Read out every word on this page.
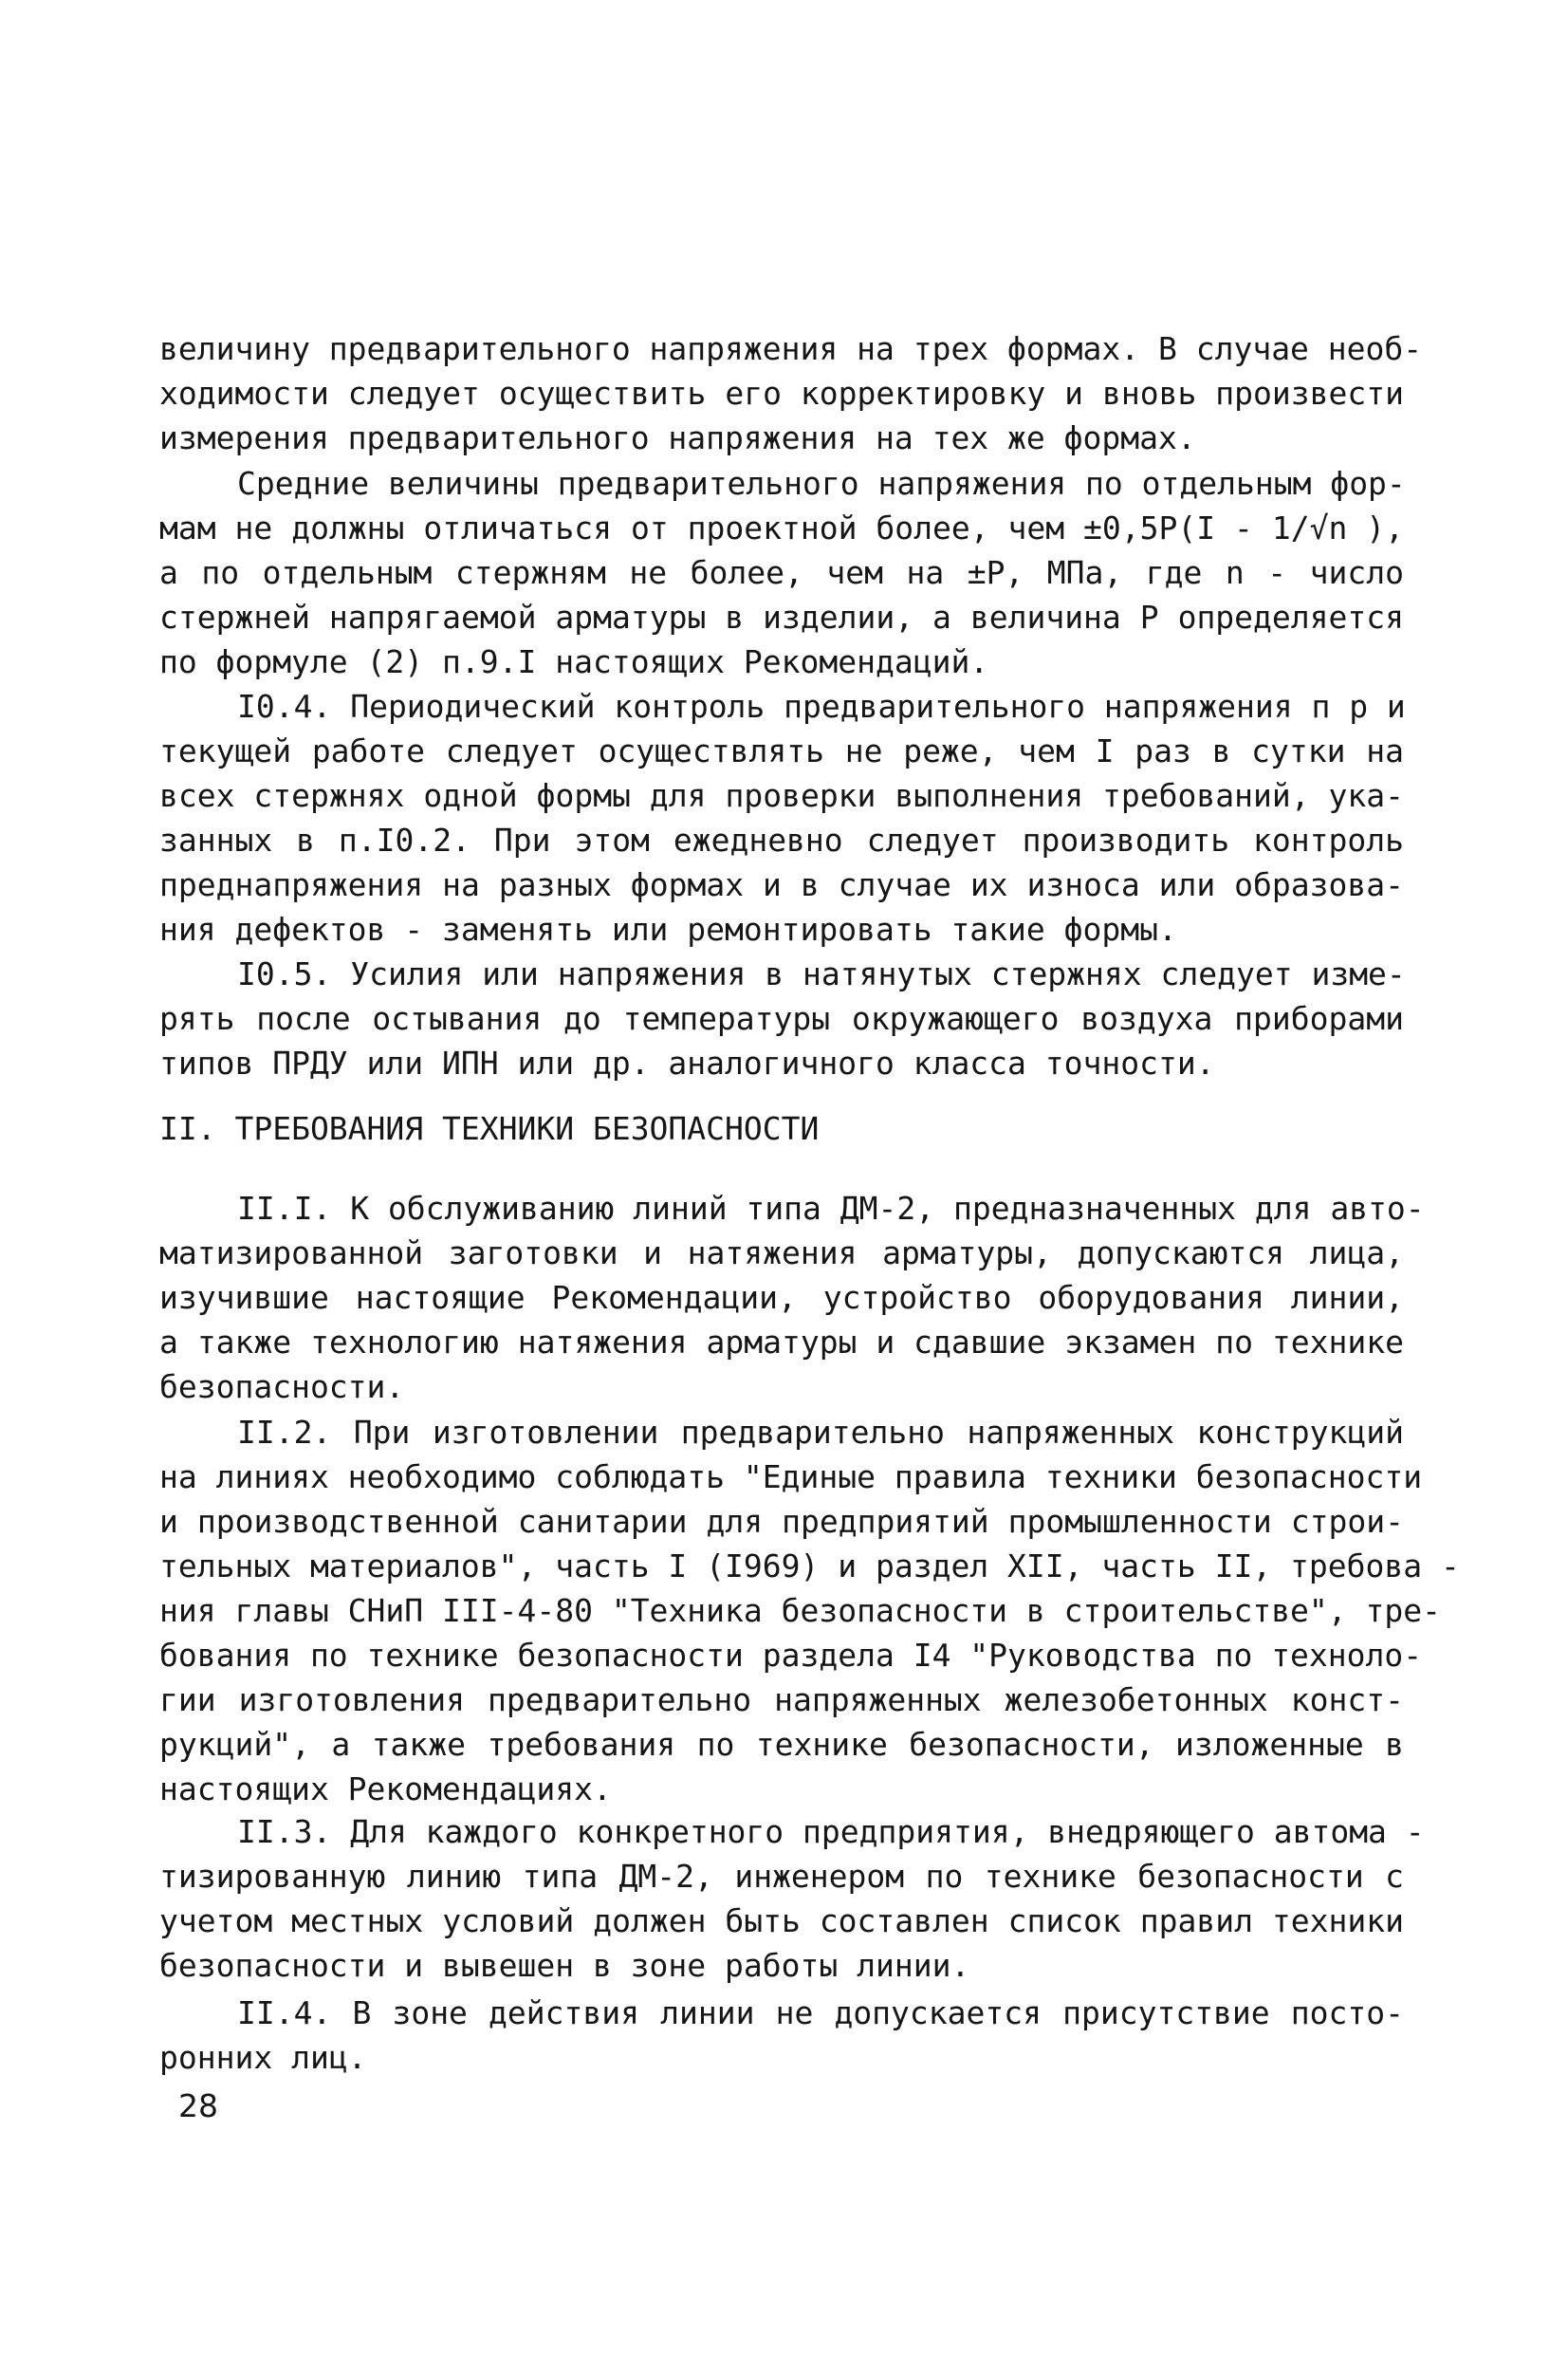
величину предварительного напряжения на трех формах. В случае необ-
ходимости следует осуществить его корректировку и вновь произвести
измерения предварительного напряжения на тех же формах.
Средние величины предварительного напряжения по отдельным фор-
мам не должны отличаться от проектной более, чем ±0,5P(I - 1/√n ),
а по отдельным стержням не более, чем на ±P, МПа, где n - число
стержней напрягаемой арматуры в изделии, а величина P определяется
по формуле (2) п.9.I настоящих Рекомендаций.
I0.4. Периодический контроль предварительного напряжения п р и
текущей работе следует осуществлять не реже, чем I раз в сутки на
всех стержнях одной формы для проверки выполнения требований, ука-
занных в п.I0.2. При этом ежедневно следует производить контроль
преднапряжения на разных формах и в случае их износа или образова-
ния дефектов - заменять или ремонтировать такие формы.
I0.5. Усилия или напряжения в натянутых стержнях следует изме-
рять после остывания до температуры окружающего воздуха приборами
типов ПРДУ или ИПН или др. аналогичного класса точности.
II. ТРЕБОВАНИЯ ТЕХНИКИ БЕЗОПАСНОСТИ
II.I. К обслуживанию линий типа ДМ-2, предназначенных для авто-
матизированной заготовки и натяжения арматуры, допускаются лица,
изучившие настоящие Рекомендации, устройство оборудования линии,
а также технологию натяжения арматуры и сдавшие экзамен по технике
безопасности.
II.2. При изготовлении предварительно напряженных конструкций
на линиях необходимо соблюдать "Единые правила техники безопасности
и производственной санитарии для предприятий промышленности строи-
тельных материалов", часть I (I969) и раздел XII, часть II, требова -
ния главы СНиП III-4-80 "Техника безопасности в строительстве", тре-
бования по технике безопасности раздела I4 "Руководства по техноло-
гии изготовления предварительно напряженных железобетонных конст-
рукций", а также требования по технике безопасности, изложенные в
настоящих Рекомендациях.
II.3. Для каждого конкретного предприятия, внедряющего автома -
тизированную линию типа ДМ-2, инженером по технике безопасности с
учетом местных условий должен быть составлен список правил техники
безопасности и вывешен в зоне работы линии.
II.4. В зоне действия линии не допускается присутствие посто-
ронних лиц.
28
